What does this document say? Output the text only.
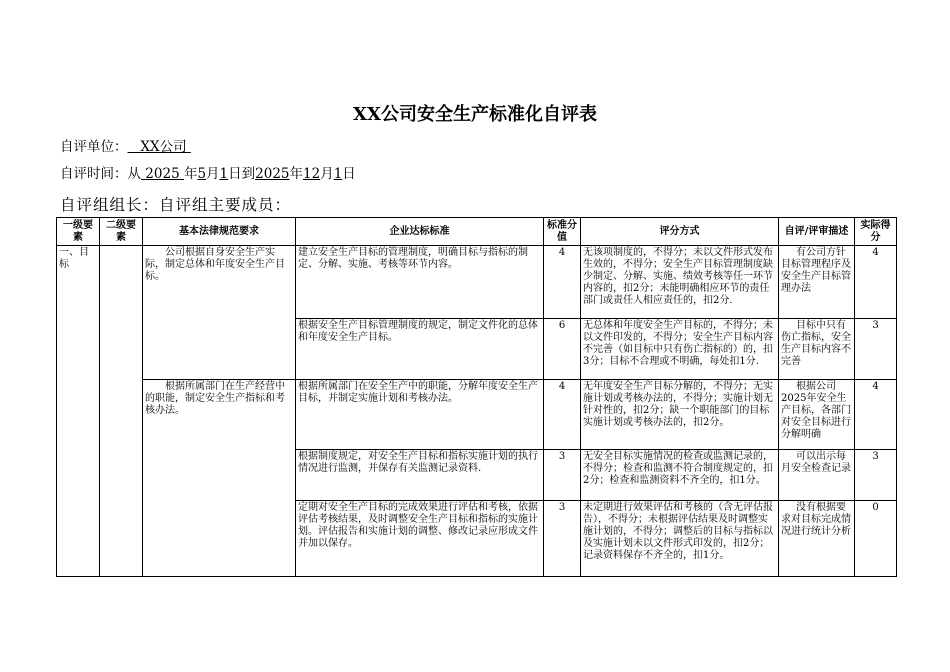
XX公司安全生产标准化自评表
自评单位： XX公司
自评时间：从 2025 年5月1日到2025年12月1日
自评组组长：自评组主要成员：
一级要素	二级要素	基本法律规范要求	企业达标标准	标准分值	评分方式	自评/评审描述	实际得分
一、目标		公司根据自身安全生产实际，制定总体和年度安全生产目标。	建立安全生产目标的管理制度，明确目标与指标的制定、分解、实施、考核等环节内容。	4	无该项制度的，不得分；未以文件形式发布生效的，不得分；安全生产目标管理制度缺少制定、分解、实施、绩效考核等任一环节内容的，扣2分；未能明确相应环节的责任部门或责任人相应责任的，扣2分.	有公司方针目标管理程序及安全生产目标管理办法	4
			根据安全生产目标管理制度的规定，制定文件化的总体和年度安全生产目标。	6	无总体和年度安全生产目标的，不得分；未以文件印发的，不得分；安全生产目标内容不完善（如目标中只有伤亡指标的）的，扣3分；目标不合理或不明确，每处扣1分.	目标中只有伤亡指标，安全生产目标内容不完善	3
		根据所属部门在生产经营中的职能，制定安全生产指标和考核办法。	根据所属部门在安全生产中的职能，分解年度安全生产目标，并制定实施计划和考核办法。	4	无年度安全生产目标分解的，不得分；无实施计划或考核办法的，不得分；实施计划无针对性的，扣2分；缺一个职能部门的目标实施计划或考核办法的，扣2分。	根据公司2025年安全生产目标，各部门对安全目标进行分解明确	4
			根据制度规定，对安全生产目标和指标实施计划的执行情况进行监测，并保存有关监测记录资料.	3	无安全目标实施情况的检查或监测记录的，不得分；检查和监测不符合制度规定的，扣2分；检查和监测资料不齐全的，扣1分。	可以出示每月安全检查记录	3
			定期对安全生产目标的完成效果进行评估和考核，依据评估考核结果，及时调整安全生产目标和指标的实施计划。评估报告和实施计划的调整、修改记录应形成文件并加以保存。	3	未定期进行效果评估和考核的（含无评估报告），不得分；未根据评估结果及时调整实施计划的，不得分；调整后的目标与指标以及实施计划未以文件形式印发的，扣2分；记录资料保存不齐全的，扣1分。	没有根据要求对目标完成情况进行统计分析	0
